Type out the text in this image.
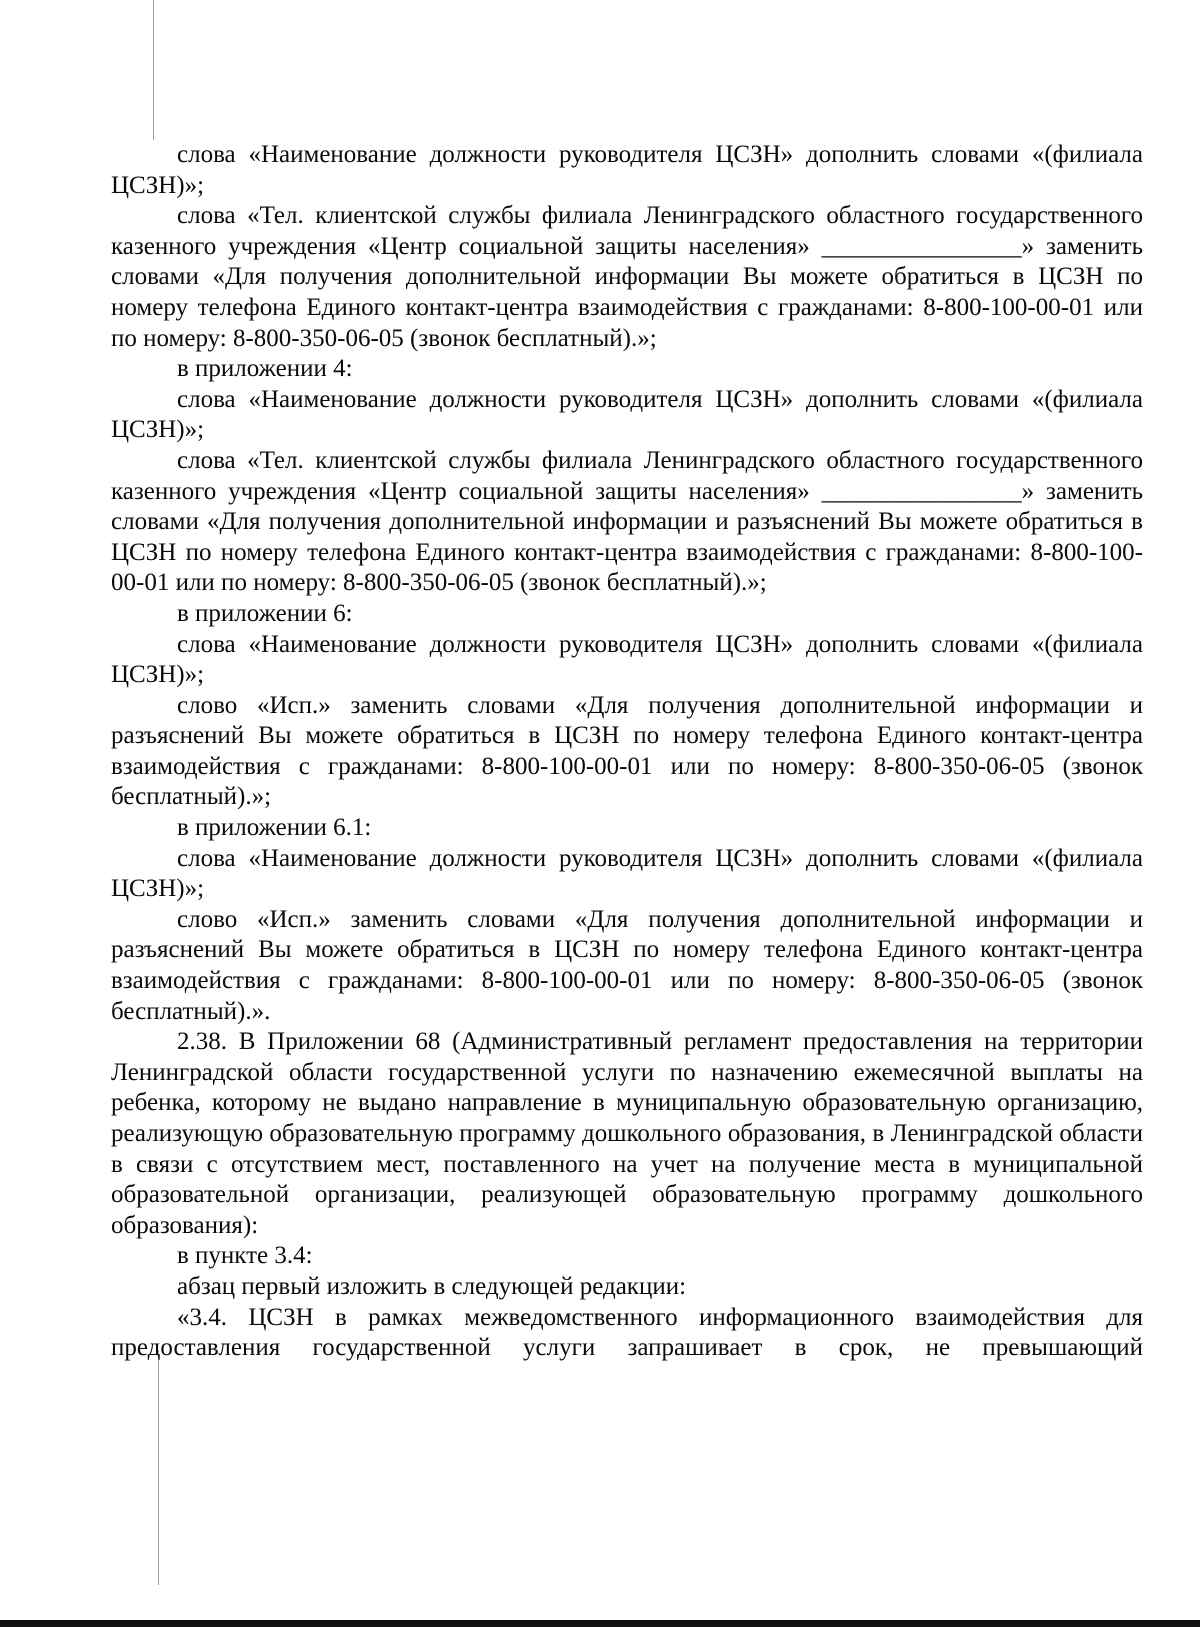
слова «Наименование должности руководителя ЦСЗН» дополнить словами «(филиала ЦСЗН)»;

слова «Тел. клиентской службы филиала Ленинградского областного государственного казенного учреждения «Центр социальной защиты населения» ________________» заменить словами «Для получения дополнительной информации Вы можете обратиться в ЦСЗН по номеру телефона Единого контакт-центра взаимодействия с гражданами: 8-800-100-00-01 или по номеру: 8-800-350-06-05 (звонок бесплатный).»;

в приложении 4:

слова «Наименование должности руководителя ЦСЗН» дополнить словами «(филиала ЦСЗН)»;

слова «Тел. клиентской службы филиала Ленинградского областного государственного казенного учреждения «Центр социальной защиты населения» ________________» заменить словами «Для получения дополнительной информации и разъяснений Вы можете обратиться в ЦСЗН по номеру телефона Единого контакт-центра взаимодействия с гражданами: 8-800-100-00-01 или по номеру: 8-800-350-06-05 (звонок бесплатный).»;

в приложении 6:

слова «Наименование должности руководителя ЦСЗН» дополнить словами «(филиала ЦСЗН)»;

слово «Исп.» заменить словами «Для получения дополнительной информации и разъяснений Вы можете обратиться в ЦСЗН по номеру телефона Единого контакт-центра взаимодействия с гражданами: 8-800-100-00-01 или по номеру: 8-800-350-06-05 (звонок бесплатный).»;

в приложении 6.1:

слова «Наименование должности руководителя ЦСЗН» дополнить словами «(филиала ЦСЗН)»;

слово «Исп.» заменить словами «Для получения дополнительной информации и разъяснений Вы можете обратиться в ЦСЗН по номеру телефона Единого контакт-центра взаимодействия с гражданами: 8-800-100-00-01 или по номеру: 8-800-350-06-05 (звонок бесплатный).».

2.38. В Приложении 68 (Административный регламент предоставления на территории Ленинградской области государственной услуги по назначению ежемесячной выплаты на ребенка, которому не выдано направление в муниципальную образовательную организацию, реализующую образовательную программу дошкольного образования, в Ленинградской области в связи с отсутствием мест, поставленного на учет на получение места в муниципальной образовательной организации, реализующей образовательную программу дошкольного образования):

в пункте 3.4:

абзац первый изложить в следующей редакции:

«3.4. ЦСЗН в рамках межведомственного информационного взаимодействия для предоставления государственной услуги запрашивает в срок, не превышающий
